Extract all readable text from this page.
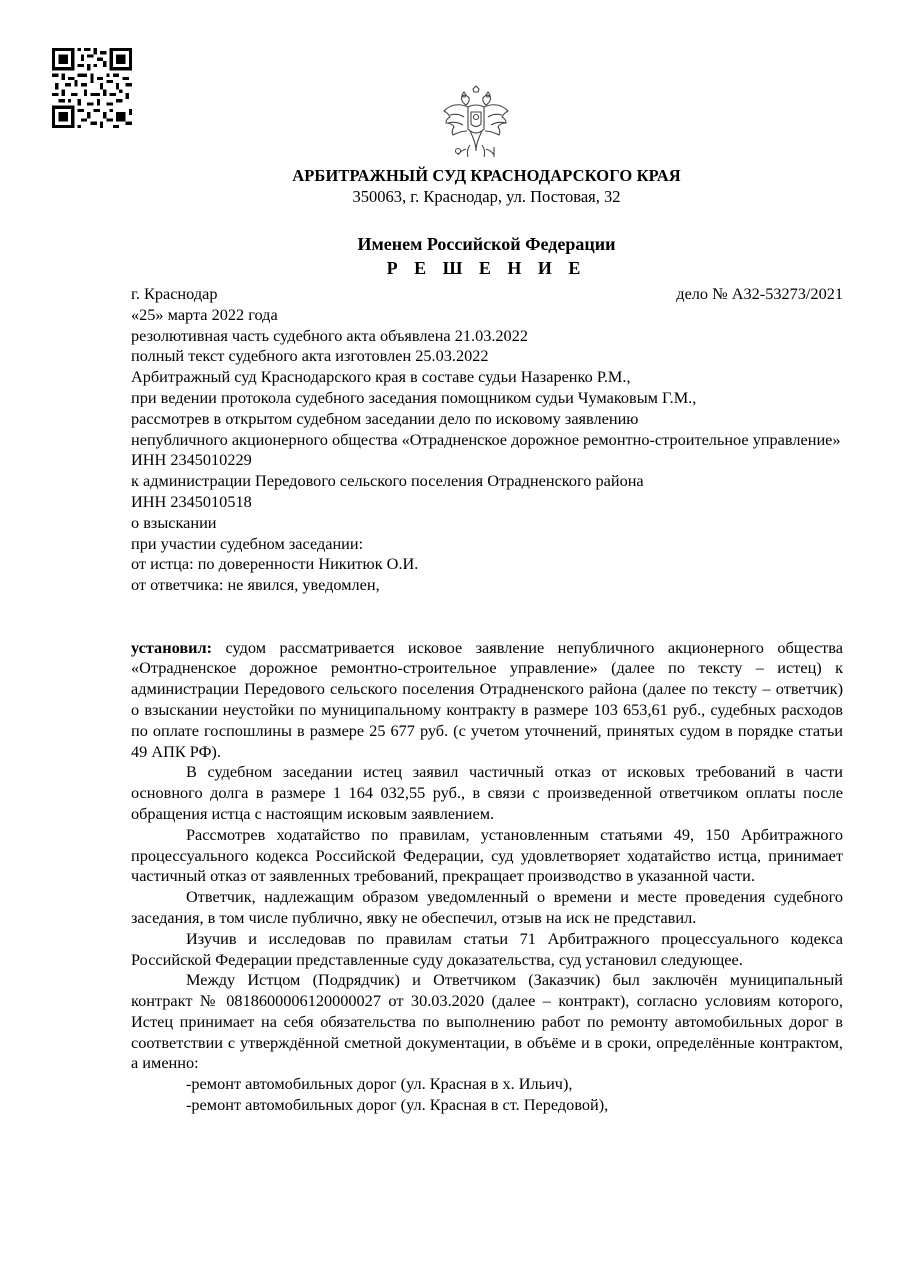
АРБИТРАЖНЫЙ СУД КРАСНОДАРСКОГО КРАЯ
350063, г. Краснодар, ул. Постовая, 32
Именем Российской Федерации
Р Е Ш Е Н И Е
г. Краснодар	дело № А32-53273/2021
«25» марта 2022 года
резолютивная часть судебного акта объявлена 21.03.2022
полный текст судебного акта изготовлен 25.03.2022
Арбитражный суд Краснодарского края в составе судьи Назаренко Р.М.,
при ведении протокола судебного заседания помощником судьи Чумаковым Г.М.,
рассмотрев в открытом судебном заседании дело по исковому заявлению
непубличного акционерного общества «Отрадненское дорожное ремонтно-строительное управление»
ИНН 2345010229
к администрации Передового сельского поселения Отрадненского района
ИНН 2345010518
о взыскании
при участии судебном заседании:
от истца: по доверенности Никитюк О.И.
от ответчика: не явился, уведомлен,
установил: судом рассматривается исковое заявление непубличного акционерного общества «Отрадненское дорожное ремонтно-строительное управление» (далее по тексту – истец) к администрации Передового сельского поселения Отрадненского района (далее по тексту – ответчик) о взыскании неустойки по муниципальному контракту в размере 103 653,61 руб., судебных расходов по оплате госпошлины в размере 25 677 руб. (с учетом уточнений, принятых судом в порядке статьи 49 АПК РФ).
В судебном заседании истец заявил частичный отказ от исковых требований в части основного долга в размере 1 164 032,55 руб., в связи с произведенной ответчиком оплаты после обращения истца с настоящим исковым заявлением.
Рассмотрев ходатайство по правилам, установленным статьями 49, 150 Арбитражного процессуального кодекса Российской Федерации, суд удовлетворяет ходатайство истца, принимает частичный отказ от заявленных требований, прекращает производство в указанной части.
Ответчик, надлежащим образом уведомленный о времени и месте проведения судебного заседания, в том числе публично, явку не обеспечил, отзыв на иск не представил.
Изучив и исследовав по правилам статьи 71 Арбитражного процессуального кодекса Российской Федерации представленные суду доказательства, суд установил следующее.
Между Истцом (Подрядчик) и Ответчиком (Заказчик) был заключён муниципальный контракт № 0818600006120000027 от 30.03.2020 (далее – контракт), согласно условиям которого, Истец принимает на себя обязательства по выполнению работ по ремонту автомобильных дорог в соответствии с утверждённой сметной документации, в объёме и в сроки, определённые контрактом, а именно:
-ремонт автомобильных дорог (ул. Красная в х. Ильич),
-ремонт автомобильных дорог (ул. Красная в ст. Передовой),
